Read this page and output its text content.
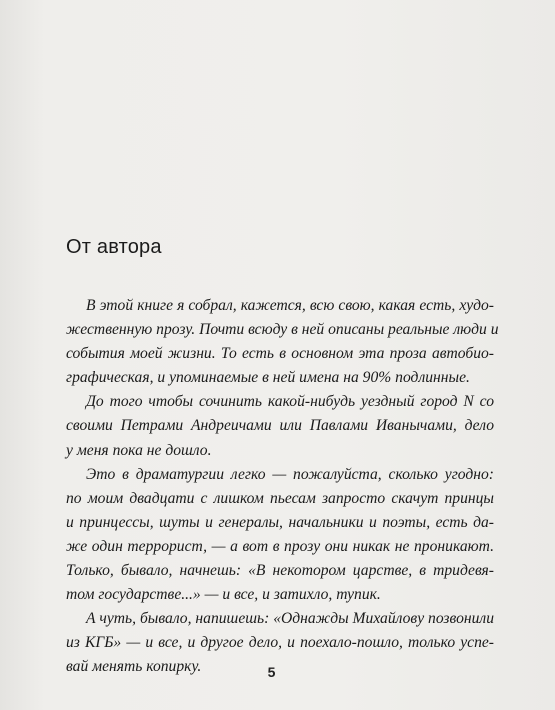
От автора
В этой книге я собрал, кажется, всю свою, какая есть, худо-
жественную прозу. Почти всюду в ней описаны реальные люди и
события моей жизни. То есть в основном эта проза автобио-
графическая, и упоминаемые в ней имена на 90% подлинные.
До того чтобы сочинить какой-нибудь уездный город N со
своими Петрами Андреичами или Павлами Иванычами, дело
у меня пока не дошло.
Это в драматургии легко — пожалуйста, сколько угодно:
по моим двадцати с лишком пьесам запросто скачут принцы
и принцессы, шуты и генералы, начальники и поэты, есть да-
же один террорист, — а вот в прозу они никак не проникают.
Только, бывало, начнешь: «В некотором царстве, в тридевя-
том государстве...» — и все, и затихло, тупик.
А чуть, бывало, напишешь: «Однажды Михайлову позвонили
из КГБ» — и все, и другое дело, и поехало-пошло, только успе-
вай менять копирку.	5
